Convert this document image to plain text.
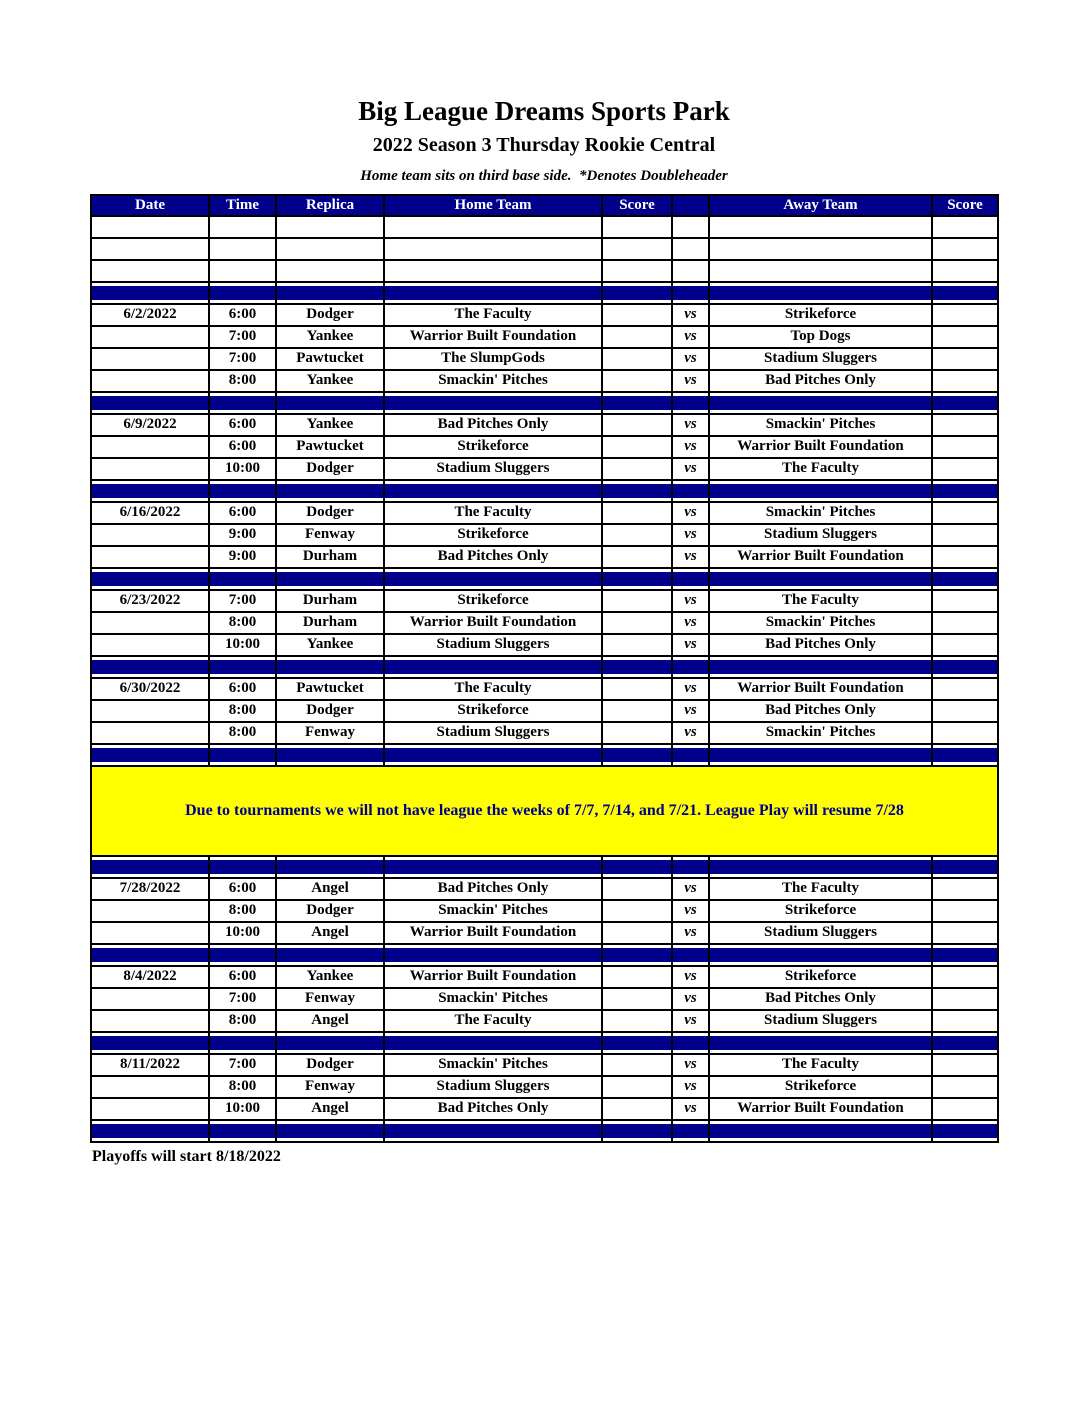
Big League Dreams Sports Park
2022 Season 3 Thursday Rookie Central
Home team sits on third base side.  *Denotes Doubleheader
Date	Time	Replica	Home Team	Score		Away Team	Score

6/2/2022	6:00	Dodger	The Faculty		vs	Strikeforce	
	7:00	Yankee	Warrior Built Foundation		vs	Top Dogs	
	7:00	Pawtucket	The SlumpGods		vs	Stadium Sluggers	
	8:00	Yankee	Smackin' Pitches		vs	Bad Pitches Only	

6/9/2022	6:00	Yankee	Bad Pitches Only		vs	Smackin' Pitches	
	6:00	Pawtucket	Strikeforce		vs	Warrior Built Foundation	
	10:00	Dodger	Stadium Sluggers		vs	The Faculty	

6/16/2022	6:00	Dodger	The Faculty		vs	Smackin' Pitches	
	9:00	Fenway	Strikeforce		vs	Stadium Sluggers	
	9:00	Durham	Bad Pitches Only		vs	Warrior Built Foundation	

6/23/2022	7:00	Durham	Strikeforce		vs	The Faculty	
	8:00	Durham	Warrior Built Foundation		vs	Smackin' Pitches	
	10:00	Yankee	Stadium Sluggers		vs	Bad Pitches Only	

6/30/2022	6:00	Pawtucket	The Faculty		vs	Warrior Built Foundation	
	8:00	Dodger	Strikeforce		vs	Bad Pitches Only	
	8:00	Fenway	Stadium Sluggers		vs	Smackin' Pitches	

Due to tournaments we will not have league the weeks of 7/7, 7/14, and 7/21. League Play will resume 7/28							

7/28/2022	6:00	Angel	Bad Pitches Only		vs	The Faculty	
	8:00	Dodger	Smackin' Pitches		vs	Strikeforce	
	10:00	Angel	Warrior Built Foundation		vs	Stadium Sluggers	

8/4/2022	6:00	Yankee	Warrior Built Foundation		vs	Strikeforce	
	7:00	Fenway	Smackin' Pitches		vs	Bad Pitches Only	
	8:00	Angel	The Faculty		vs	Stadium Sluggers	

8/11/2022	7:00	Dodger	Smackin' Pitches		vs	The Faculty	
	8:00	Fenway	Stadium Sluggers		vs	Strikeforce	
	10:00	Angel	Bad Pitches Only		vs	Warrior Built Foundation	

Playoffs will start 8/18/2022
